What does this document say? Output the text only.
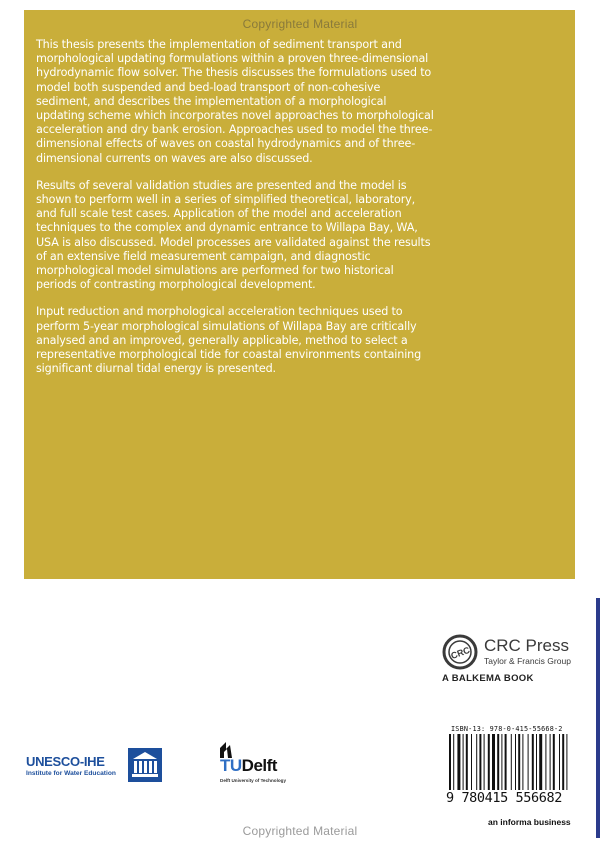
This thesis presents the implementation of sediment transport and morphological updating formulations within a proven three-dimensional hydrodynamic flow solver. The thesis discusses the formulations used to model both suspended and bed-load transport of non-cohesive sediment, and describes the implementation of a morphological updating scheme which incorporates novel approaches to morphological acceleration and dry bank erosion. Approaches used to model the three-dimensional effects of waves on coastal hydrodynamics and of three-dimensional currents on waves are also discussed.

Results of several validation studies are presented and the model is shown to perform well in a series of simplified theoretical, laboratory, and full scale test cases. Application of the model and acceleration techniques to the complex and dynamic entrance to Willapa Bay, WA, USA is also discussed. Model processes are validated against the results of an extensive field measurement campaign, and diagnostic morphological model simulations are performed for two historical periods of contrasting morphological development.

Input reduction and morphological acceleration techniques used to perform 5-year morphological simulations of Willapa Bay are critically analysed and an improved, generally applicable, method to select a representative morphological tide for coastal environments containing significant diurnal tidal energy is presented.

Copyrighted Material
CRC CRC Press
Taylor & Francis Group
A BALKEMA BOOK
UNESCO-IHE
Institute for Water Education	TUDelft
Delft University of Technology
ISBN-13: 978-0-415-55668-2
9 780415 556682
an informa business
Copyrighted Material
